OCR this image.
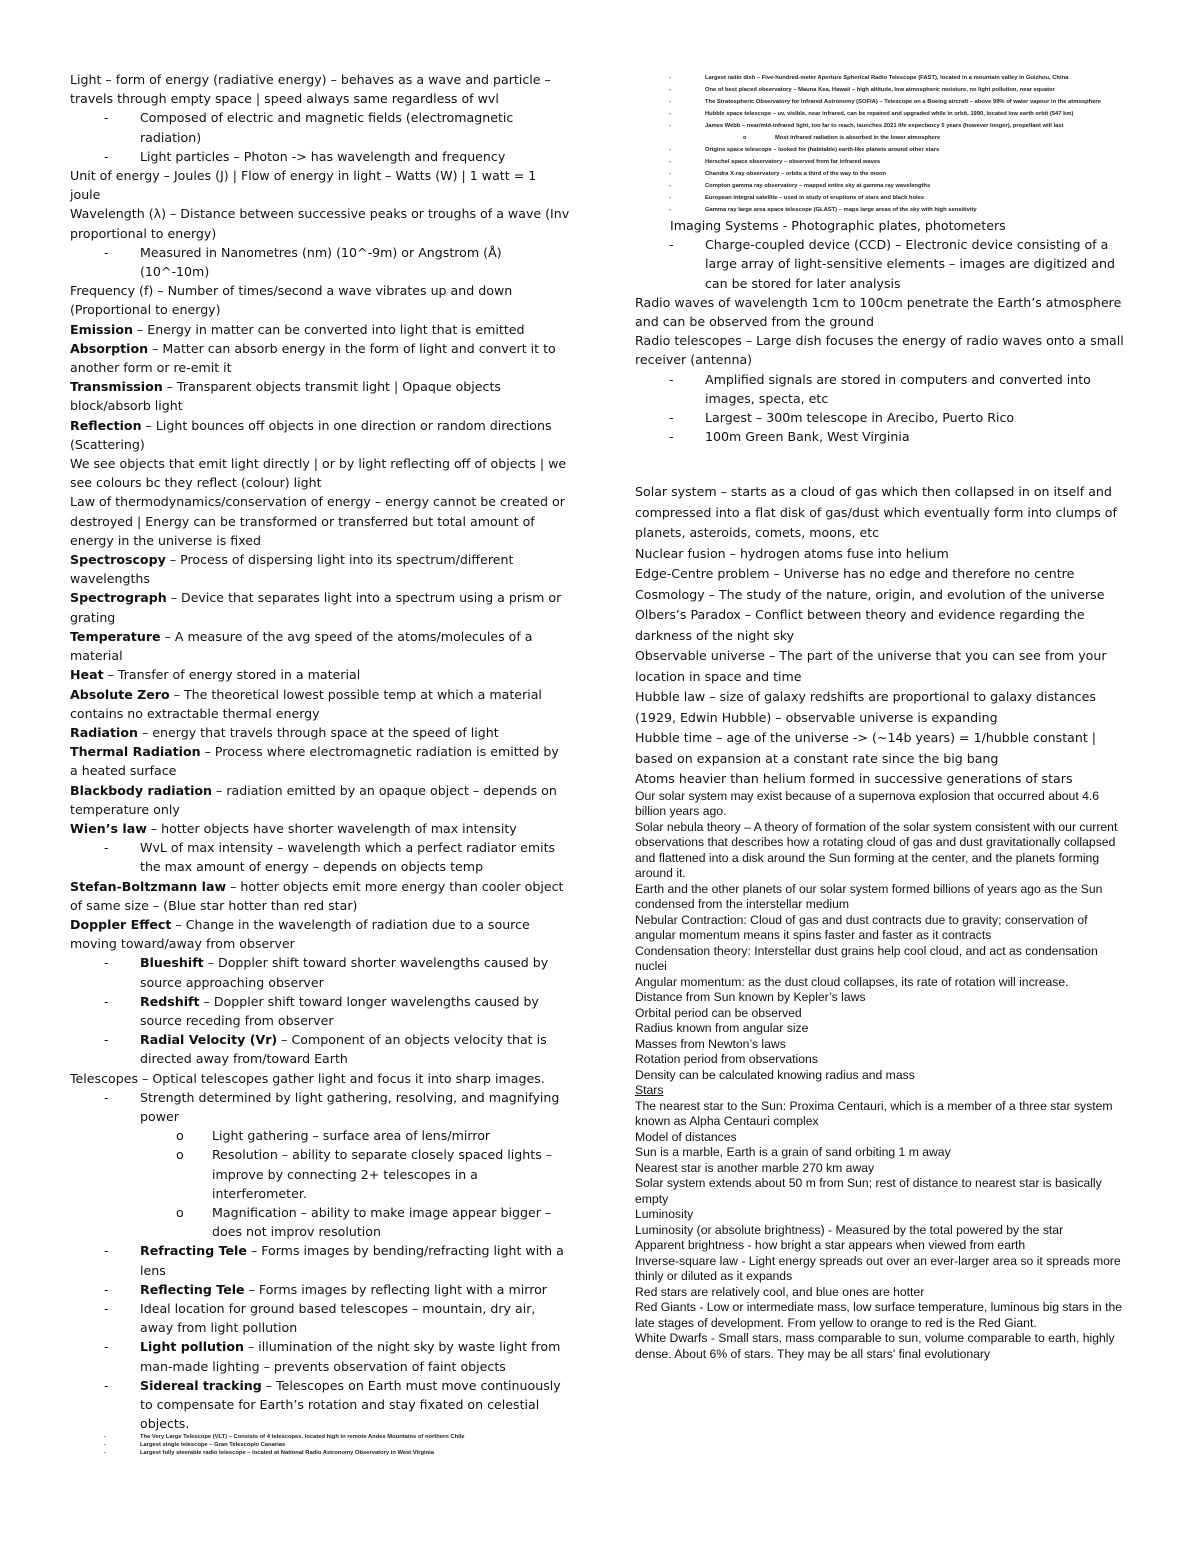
Light – form of energy (radiative energy) – behaves as a wave and particle – travels through empty space | speed always same regardless of wvl

- Composed of electric and magnetic fields (electromagnetic radiation)
- Light particles – Photon -> has wavelength and frequency

Unit of energy – Joules (J) | Flow of energy in light – Watts (W) | 1 watt = 1 joule

Wavelength (λ) – Distance between successive peaks or troughs of a wave (Inv proportional to energy)

- Measured in Nanometres (nm) (10^-9m) or Angstrom (Å) (10^-10m)

Frequency (f) – Number of times/second a wave vibrates up and down (Proportional to energy)

Emission – Energy in matter can be converted into light that is emitted

Absorption – Matter can absorb energy in the form of light and convert it to another form or re-emit it

Transmission – Transparent objects transmit light | Opaque objects block/absorb light

Reflection – Light bounces off objects in one direction or random directions (Scattering)

We see objects that emit light directly | or by light reflecting off of objects | we see colours bc they reflect (colour) light

Law of thermodynamics/conservation of energy – energy cannot be created or destroyed | Energy can be transformed or transferred but total amount of energy in the universe is fixed

Spectroscopy – Process of dispersing light into its spectrum/different wavelengths

Spectrograph – Device that separates light into a spectrum using a prism or grating

Temperature – A measure of the avg speed of the atoms/molecules of a material

Heat – Transfer of energy stored in a material

Absolute Zero – The theoretical lowest possible temp at which a material contains no extractable thermal energy

Radiation – energy that travels through space at the speed of light

Thermal Radiation – Process where electromagnetic radiation is emitted by a heated surface

Blackbody radiation – radiation emitted by an opaque object – depends on temperature only

Wien’s law – hotter objects have shorter wavelength of max intensity

- WvL of max intensity – wavelength which a perfect radiator emits the max amount of energy – depends on objects temp

Stefan-Boltzmann law – hotter objects emit more energy than cooler object of same size – (Blue star hotter than red star)

Doppler Effect – Change in the wavelength of radiation due to a source moving toward/away from observer

- Blueshift – Doppler shift toward shorter wavelengths caused by source approaching observer
- Redshift – Doppler shift toward longer wavelengths caused by source receding from observer
- Radial Velocity (Vr) – Component of an objects velocity that is directed away from/toward Earth

Telescopes – Optical telescopes gather light and focus it into sharp images.

- Strength determined by light gathering, resolving, and magnifying power
o Light gathering – surface area of lens/mirror
o Resolution – ability to separate closely spaced lights – improve by connecting 2+ telescopes in a interferometer.
o Magnification – ability to make image appear bigger – does not improv resolution
- Refracting Tele – Forms images by bending/refracting light with a lens
- Reflecting Tele – Forms images by reflecting light with a mirror
- Ideal location for ground based telescopes – mountain, dry air, away from light pollution
- Light pollution – illumination of the night sky by waste light from man-made lighting – prevents observation of faint objects
- Sidereal tracking – Telescopes on Earth must move continuously to compensate for Earth’s rotation and stay fixated on celestial objects.
-	The Very Large Telescope (VLT) – Consists of 4 telescopes, located high in remote Andes Mountains of northern Chile
-	Largest single telescope – Gran Telescopio Canarias
-	Largest fully steerable radio telescope – located at National Radio Astronomy Observatory in West Virginia
-	Largest radio dish – Five-hundred-meter Aperture Spherical Radio Telescope (FAST), located in a mountain valley in Guizhou, China
-	One of best placed observatory – Mauna Kea, Hawaii – high altitude, low atmospheric moisture, no light pollution, near equator
-	The Stratospheric Observatory for Infrared Astronomy (SOFIA) – Telescope on a Boeing aircraft – above 99% of water vapour in the atmosphere
-	Hubble space telescope – uv, visible, near infrared, can be repaired and upgraded while in orbit, 1990, located low earth orbit (547 km)
-	James Webb – near/mid-infrared light, too far to reach, launches 2021 life expectancy 5 years (however longer), propellant will last
o	Most infrared radiation is absorbed in the lower atmosphere
-	Origins space telescope – looked for (habitable) earth-like planets around other stars
-	Herschel space observatory – observed from far infrared waves
-	Chandra X-ray observatory – orbits a third of the way to the moon
-	Compton gamma ray observatory – mapped entire sky at gamma ray wavelengths
-	European integral satellite – used in study of eruptions of stars and black holes
-	Gamma ray large area space telescope (GLAST) – maps large areas of the sky with high sensitivity

Imaging Systems - Photographic plates, photometers

- Charge-coupled device (CCD) – Electronic device consisting of a large array of light-sensitive elements – images are digitized and can be stored for later analysis

Radio waves of wavelength 1cm to 100cm penetrate the Earth’s atmosphere and can be observed from the ground

Radio telescopes – Large dish focuses the energy of radio waves onto a small receiver (antenna)

- Amplified signals are stored in computers and converted into images, specta, etc
- Largest – 300m telescope in Arecibo, Puerto Rico
- 100m Green Bank, West Virginia

Solar system – starts as a cloud of gas which then collapsed in on itself and compressed into a flat disk of gas/dust which eventually form into clumps of planets, asteroids, comets, moons, etc

Nuclear fusion – hydrogen atoms fuse into helium

Edge-Centre problem – Universe has no edge and therefore no centre

Cosmology – The study of the nature, origin, and evolution of the universe

Olbers’s Paradox – Conflict between theory and evidence regarding the darkness of the night sky

Observable universe – The part of the universe that you can see from your location in space and time

Hubble law – size of galaxy redshifts are proportional to galaxy distances (1929, Edwin Hubble) – observable universe is expanding

Hubble time – age of the universe -> (~14b years) = 1/hubble constant | based on expansion at a constant rate since the big bang

Atoms heavier than helium formed in successive generations of stars

Our solar system may exist because of a supernova explosion that occurred about 4.6 billion years ago.

Solar nebula theory – A theory of formation of the solar system consistent with our current observations that describes how a rotating cloud of gas and dust gravitationally collapsed and flattened into a disk around the Sun forming at the center, and the planets forming around it.

Earth and the other planets of our solar system formed billions of years ago as the Sun condensed from the interstellar medium

Nebular Contraction: Cloud of gas and dust contracts due to gravity; conservation of angular momentum means it spins faster and faster as it contracts

Condensation theory: Interstellar dust grains help cool cloud, and act as condensation nuclei

Angular momentum: as the dust cloud collapses, its rate of rotation will increase.

Distance from Sun known by Kepler’s laws

Orbital period can be observed

Radius known from angular size

Masses from Newton’s laws

Rotation period from observations

Density can be calculated knowing radius and mass

Stars

The nearest star to the Sun: Proxima Centauri, which is a member of a three star system known as Alpha Centauri complex

Model of distances

Sun is a marble, Earth is a grain of sand orbiting 1 m away

Nearest star is another marble 270 km away

Solar system extends about 50 m from Sun; rest of distance to nearest star is basically empty

Luminosity

Luminosity (or absolute brightness) - Measured by the total powered by the star

Apparent brightness - how bright a star appears when viewed from earth

Inverse-square law - Light energy spreads out over an ever-larger area so it spreads more thinly or diluted as it expands

Red stars are relatively cool, and blue ones are hotter

Red Giants - Low or intermediate mass, low surface temperature, luminous big stars in the late stages of development. From yellow to orange to red is the Red Giant.

White Dwarfs - Small stars, mass comparable to sun, volume comparable to earth, highly dense. About 6% of stars. They may be all stars' final evolutionary
